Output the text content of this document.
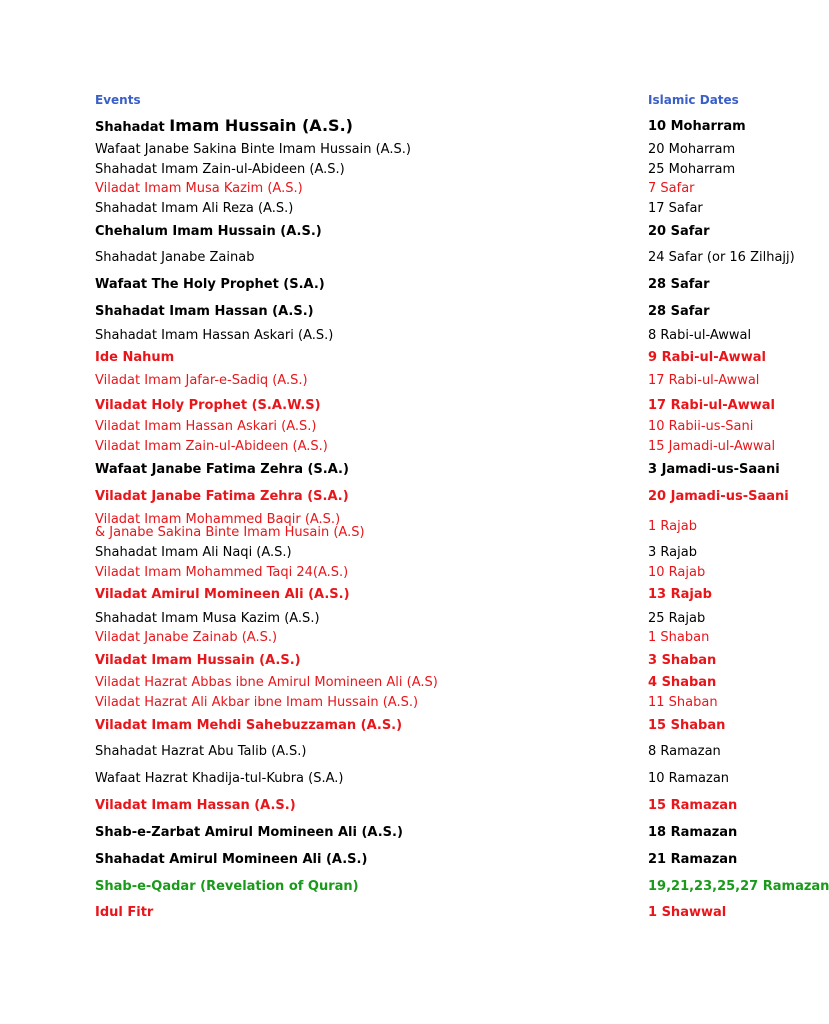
Events	Islamic Dates
Shahadat Imam Hussain (A.S.)	10 Moharram
Wafaat Janabe Sakina Binte Imam Hussain (A.S.)	20 Moharram
Shahadat Imam Zain-ul-Abideen (A.S.)	25 Moharram
Viladat Imam Musa Kazim (A.S.)	7 Safar
Shahadat Imam Ali Reza (A.S.)	17 Safar
Chehalum Imam Hussain (A.S.)	20 Safar
Shahadat Janabe Zainab	24 Safar (or 16 Zilhajj)
Wafaat The Holy Prophet (S.A.)	28 Safar
Shahadat Imam Hassan (A.S.)	28 Safar
Shahadat Imam Hassan Askari (A.S.)	8 Rabi-ul-Awwal
Ide Nahum	9 Rabi-ul-Awwal
Viladat Imam Jafar-e-Sadiq (A.S.)	17 Rabi-ul-Awwal
Viladat Holy Prophet (S.A.W.S)	17 Rabi-ul-Awwal
Viladat Imam Hassan Askari (A.S.)	10 Rabii-us-Sani
Viladat Imam Zain-ul-Abideen (A.S.)	15 Jamadi-ul-Awwal
Wafaat Janabe Fatima Zehra (S.A.)	3 Jamadi-us-Saani
Viladat Janabe Fatima Zehra (S.A.)	20 Jamadi-us-Saani
Viladat Imam Mohammed Baqir (A.S.)
& Janabe Sakina Binte Imam Husain (A.S)	1 Rajab
Shahadat Imam Ali Naqi (A.S.)	3 Rajab
Viladat Imam Mohammed Taqi 24(A.S.)	10 Rajab
Viladat Amirul Momineen Ali (A.S.)	13 Rajab
Shahadat Imam Musa Kazim (A.S.)	25 Rajab
Viladat Janabe Zainab (A.S.)	1 Shaban
Viladat Imam Hussain (A.S.)	3 Shaban
Viladat Hazrat Abbas ibne Amirul Momineen Ali (A.S)	4 Shaban
Viladat Hazrat Ali Akbar ibne Imam Hussain (A.S.)	11 Shaban
Viladat Imam Mehdi Sahebuzzaman (A.S.)	15 Shaban
Shahadat Hazrat Abu Talib (A.S.)	8 Ramazan
Wafaat Hazrat Khadija-tul-Kubra (S.A.)	10 Ramazan
Viladat Imam Hassan (A.S.)	15 Ramazan
Shab-e-Zarbat Amirul Momineen Ali (A.S.)	18 Ramazan
Shahadat Amirul Momineen Ali (A.S.)	21 Ramazan
Shab-e-Qadar (Revelation of Quran)	19,21,23,25,27 Ramazan
Idul Fitr	1 Shawwal
